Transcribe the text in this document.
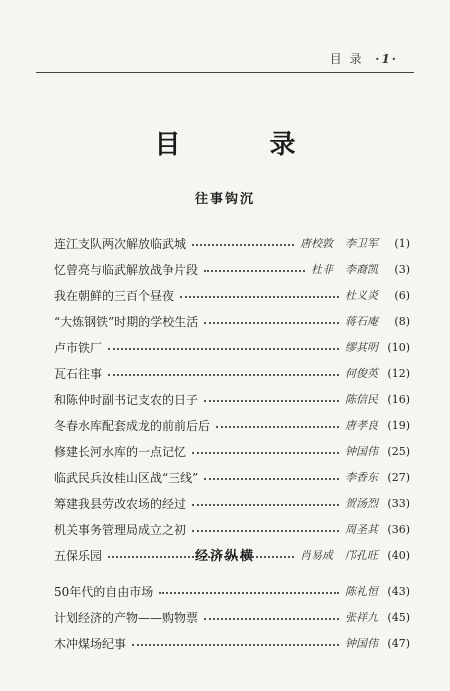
目 录 ·1·
目 录
往事钩沉
连江支队两次解放临武城	唐校敦 李卫军	(1)
忆曾亮与临武解放战争片段	杜非 李裔凯	(3)
我在朝鲜的三百个昼夜	杜义炎	(6)
“大炼钢铁”时期的学校生活	蒋石庵	(8)
卢市铁厂	缪其明 (10)
瓦石往事	何俊英 (12)
和陈仲时副书记支农的日子	陈信民 (16)
冬春水库配套成龙的前前后后	唐孝良 (19)
修建长河水库的一点记忆	钟国伟 (25)
临武民兵汝桂山区战“三线”	李香东 (27)
筹建我县劳改农场的经过	贺汤烈 (33)
机关事务管理局成立之初	周圣其 (36)
五保乐园	肖易成 邝孔旺 (40)
经济纵横
50年代的自由市场	陈礼恒 (43)
计划经济的产物——购物票	张祥九 (45)
木冲煤场纪事	钟国伟 (47)
